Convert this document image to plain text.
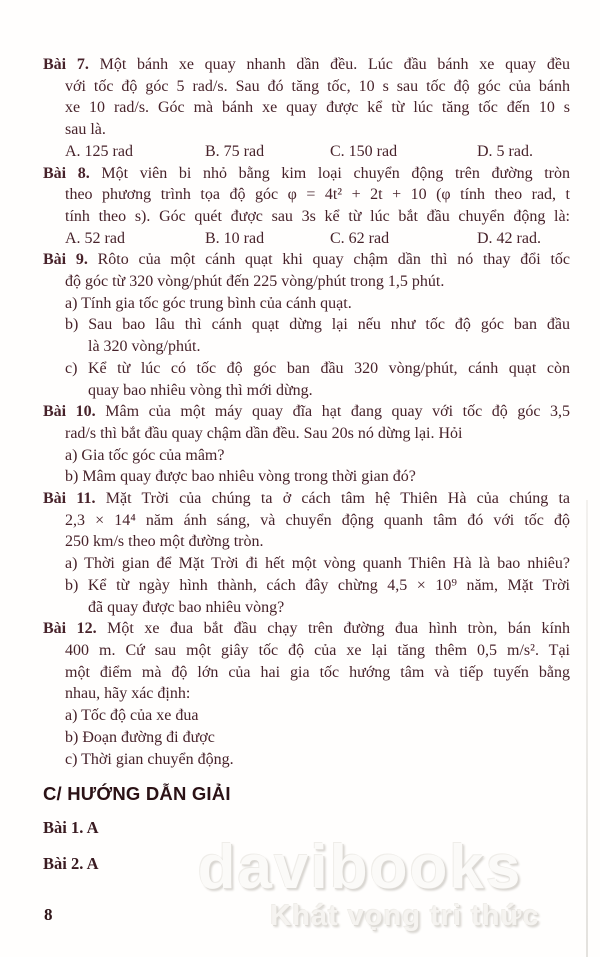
Bài 7. Một bánh xe quay nhanh dần đều. Lúc đầu bánh xe quay đều
với tốc độ góc 5 rad/s. Sau đó tăng tốc, 10 s sau tốc độ góc của bánh
xe 10 rad/s. Góc mà bánh xe quay được kể từ lúc tăng tốc đến 10 s
sau là.
A. 125 rad	B. 75 rad	C. 150 rad	D. 5 rad.
Bài 8. Một viên bi nhỏ bằng kim loại chuyển động trên đường tròn
theo phương trình tọa độ góc φ = 4t² + 2t + 10 (φ tính theo rad, t
tính theo s). Góc quét được sau 3s kể từ lúc bắt đầu chuyển động là:
A. 52 rad	B. 10 rad	C. 62 rad	D. 42 rad.
Bài 9. Rôto của một cánh quạt khi quay chậm dần thì nó thay đổi tốc
độ góc từ 320 vòng/phút đến 225 vòng/phút trong 1,5 phút.
a) Tính gia tốc góc trung bình của cánh quạt.
b) Sau bao lâu thì cánh quạt dừng lại nếu như tốc độ góc ban đầu
là 320 vòng/phút.
c) Kể từ lúc có tốc độ góc ban đầu 320 vòng/phút, cánh quạt còn
quay bao nhiêu vòng thì mới dừng.
Bài 10. Mâm của một máy quay đĩa hạt đang quay với tốc độ góc 3,5
rad/s thì bắt đầu quay chậm dần đều. Sau 20s nó dừng lại. Hỏi
a) Gia tốc góc của mâm?
b) Mâm quay được bao nhiêu vòng trong thời gian đó?
Bài 11. Mặt Trời của chúng ta ở cách tâm hệ Thiên Hà của chúng ta
2,3 × 14⁴ năm ánh sáng, và chuyển động quanh tâm đó với tốc độ
250 km/s theo một đường tròn.
a) Thời gian để Mặt Trời đi hết một vòng quanh Thiên Hà là bao nhiêu?
b) Kể từ ngày hình thành, cách đây chừng 4,5 × 10⁹ năm, Mặt Trời
đã quay được bao nhiêu vòng?
Bài 12. Một xe đua bắt đầu chạy trên đường đua hình tròn, bán kính
400 m. Cứ sau một giây tốc độ của xe lại tăng thêm 0,5 m/s². Tại
một điểm mà độ lớn của hai gia tốc hướng tâm và tiếp tuyến bằng
nhau, hãy xác định:
a) Tốc độ của xe đua
b) Đoạn đường đi được
c) Thời gian chuyển động.
C/ HƯỚNG DẪN GIẢI
Bài 1. A
Bài 2. A	davibooks
Khát vọng tri thức
8
